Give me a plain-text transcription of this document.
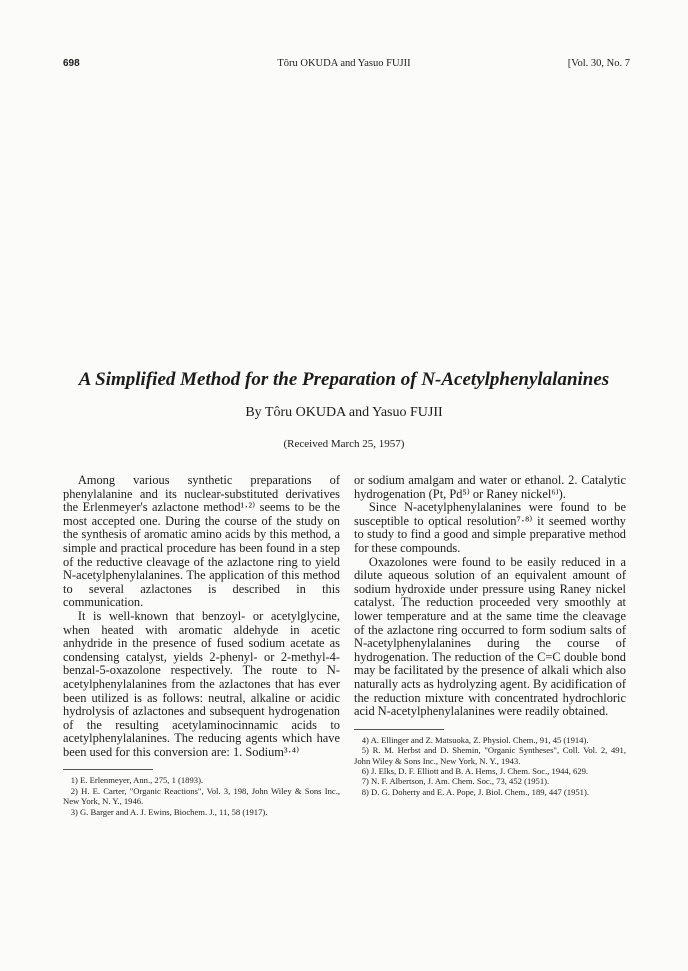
698	Tôru OKUDA and Yasuo FUJII	[Vol. 30, No. 7
A Simplified Method for the Preparation of N-Acetylphenylalanines
By Tôru OKUDA and Yasuo FUJII
(Received March 25, 1957)

Among various synthetic preparations of phenylalanine and its nuclear-substituted derivatives the Erlenmeyer's azlactone method¹·²⁾ seems to be the most accepted one. During the course of the study on the synthesis of aromatic amino acids by this method, a simple and practical procedure has been found in a step of the reductive cleavage of the azlactone ring to yield N-acetylphenylalanines. The application of this method to several azlactones is described in this communication.

It is well-known that benzoyl- or acetylglycine, when heated with aromatic aldehyde in acetic anhydride in the presence of fused sodium acetate as condensing catalyst, yields 2-phenyl- or 2-methyl-4-benzal-5-oxazolone respectively. The route to N-acetylphenylalanines from the azlactones that has ever been utilized is as follows: neutral, alkaline or acidic hydrolysis of azlactones and subsequent hydrogenation of the resulting acetylaminocinnamic acids to acetylphenylalanines. The reducing agents which have been used for this conversion are: 1. Sodium³·⁴⁾

1) E. Erlenmeyer, Ann., 275, 1 (1893).

2) H. E. Carter, "Organic Reactions", Vol. 3, 198, John Wiley & Sons Inc., New York, N. Y., 1946.

3) G. Barger and A. J. Ewins, Biochem. J., 11, 58 (1917).

or sodium amalgam and water or ethanol. 2. Catalytic hydrogenation (Pt, Pd⁵⁾ or Raney nickel⁶⁾).

Since N-acetylphenylalanines were found to be susceptible to optical resolution⁷·⁸⁾ it seemed worthy to study to find a good and simple preparative method for these compounds.

Oxazolones were found to be easily reduced in a dilute aqueous solution of an equivalent amount of sodium hydroxide under pressure using Raney nickel catalyst. The reduction proceeded very smoothly at lower temperature and at the same time the cleavage of the azlactone ring occurred to form sodium salts of N-acetylphenylalanines during the course of hydrogenation. The reduction of the C=C double bond may be facilitated by the presence of alkali which also naturally acts as hydrolyzing agent. By acidification of the reduction mixture with concentrated hydrochloric acid N-acetylphenylalanines were readily obtained.

4) A. Ellinger and Z. Matsuoka, Z. Physiol. Chem., 91, 45 (1914).

5) R. M. Herbst and D. Shemin, "Organic Syntheses", Coll. Vol. 2, 491, John Wiley & Sons Inc., New York, N. Y., 1943.

6) J. Elks, D. F. Elliott and B. A. Hems, J. Chem. Soc., 1944, 629.

7) N. F. Albertson, J. Am. Chem. Soc., 73, 452 (1951).

8) D. G. Doherty and E. A. Pope, J. Biol. Chem., 189, 447 (1951).
